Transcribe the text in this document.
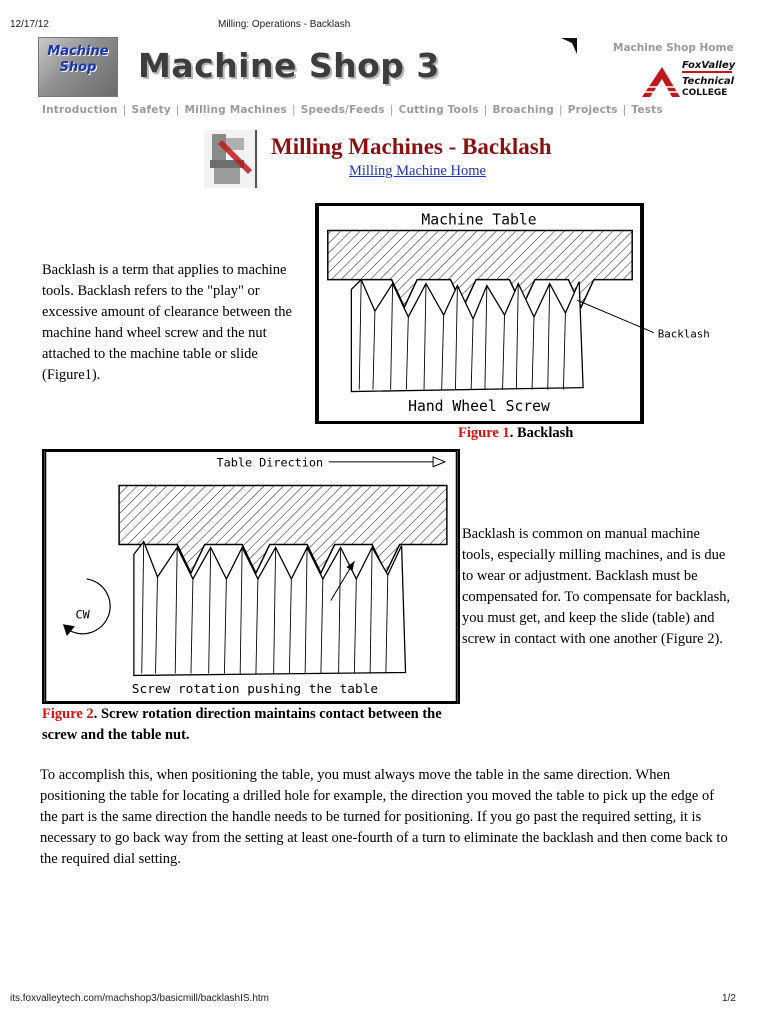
12/17/12	Milling: Operations - Backlash
Machine
Shop	Machine Shop 3	Machine Shop Home
FoxValley
Technical
COLLEGE
Introduction | Safety | Milling Machines | Speeds/Feeds | Cutting Tools | Broaching | Projects | Tests
Milling Machines - Backlash
Milling Machine Home
Backlash is a term that applies to machine tools. Backlash refers to the "play" or excessive amount of clearance between the machine hand wheel screw and the nut attached to the machine table or slide (Figure1).
Machine Table
Backlash
Hand Wheel Screw
Figure 1. Backlash
Table Direction
CW
Screw rotation pushing the table
Figure 2. Screw rotation direction maintains contact between the screw and the table nut.
Backlash is common on manual machine tools, especially milling machines, and is due to wear or adjustment. Backlash must be compensated for. To compensate for backlash, you must get, and keep the slide (table) and screw in contact with one another (Figure 2).
To accomplish this, when positioning the table, you must always move the table in the same direction. When positioning the table for locating a drilled hole for example, the direction you moved the table to pick up the edge of the part is the same direction the handle needs to be turned for positioning. If you go past the required setting, it is necessary to go back way from the setting at least one-fourth of a turn to eliminate the backlash and then come back to the required dial setting.
its.foxvalleytech.com/machshop3/basicmill/backlashIS.htm	1/2
